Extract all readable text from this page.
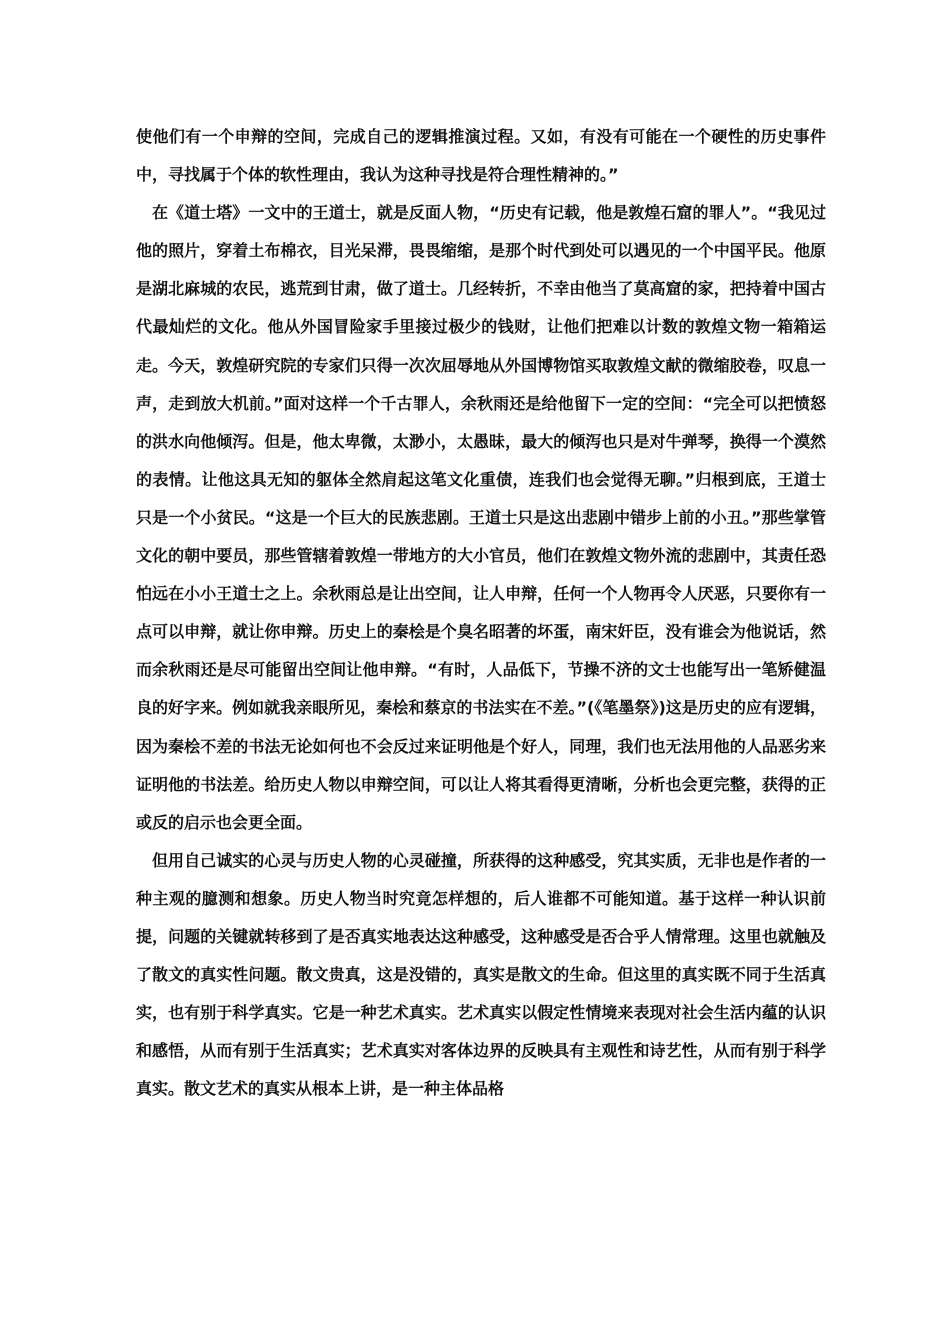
使他们有一个申辩的空间，完成自己的逻辑推演过程。又如，有没有可能在一个硬性的历史事件中，寻找属于个体的软性理由，我认为这种寻找是符合理性精神的。”

在《道士塔》一文中的王道士，就是反面人物，“历史有记载，他是敦煌石窟的罪人”。“我见过他的照片，穿着土布棉衣，目光呆滞，畏畏缩缩，是那个时代到处可以遇见的一个中国平民。他原是湖北麻城的农民，逃荒到甘肃，做了道士。几经转折，不幸由他当了莫高窟的家，把持着中国古代最灿烂的文化。他从外国冒险家手里接过极少的钱财，让他们把难以计数的敦煌文物一箱箱运走。今天，敦煌研究院的专家们只得一次次屈辱地从外国博物馆买取敦煌文献的微缩胶卷，叹息一声，走到放大机前。”面对这样一个千古罪人，余秋雨还是给他留下一定的空间：“完全可以把愤怒的洪水向他倾泻。但是，他太卑微，太渺小，太愚昧，最大的倾泻也只是对牛弹琴，换得一个漠然的表情。让他这具无知的躯体全然肩起这笔文化重债，连我们也会觉得无聊。”归根到底，王道士只是一个小贫民。“这是一个巨大的民族悲剧。王道士只是这出悲剧中错步上前的小丑。”那些掌管文化的朝中要员，那些管辖着敦煌一带地方的大小官员，他们在敦煌文物外流的悲剧中，其责任恐怕远在小小王道士之上。余秋雨总是让出空间，让人申辩，任何一个人物再令人厌恶，只要你有一点可以申辩，就让你申辩。历史上的秦桧是个臭名昭著的坏蛋，南宋奸臣，没有谁会为他说话，然而余秋雨还是尽可能留出空间让他申辩。“有时，人品低下，节操不济的文士也能写出一笔矫健温良的好字来。例如就我亲眼所见，秦桧和蔡京的书法实在不差。”(《笔墨祭》)这是历史的应有逻辑，因为秦桧不差的书法无论如何也不会反过来证明他是个好人，同理，我们也无法用他的人品恶劣来证明他的书法差。给历史人物以申辩空间，可以让人将其看得更清晰，分析也会更完整，获得的正或反的启示也会更全面。

但用自己诚实的心灵与历史人物的心灵碰撞，所获得的这种感受，究其实质，无非也是作者的一种主观的臆测和想象。历史人物当时究竟怎样想的，后人谁都不可能知道。基于这样一种认识前提，问题的关键就转移到了是否真实地表达这种感受，这种感受是否合乎人情常理。这里也就触及了散文的真实性问题。散文贵真，这是没错的，真实是散文的生命。但这里的真实既不同于生活真实，也有别于科学真实。它是一种艺术真实。艺术真实以假定性情境来表现对社会生活内蕴的认识和感悟，从而有别于生活真实；艺术真实对客体边界的反映具有主观性和诗艺性，从而有别于科学真实。散文艺术的真实从根本上讲，是一种主体品格
